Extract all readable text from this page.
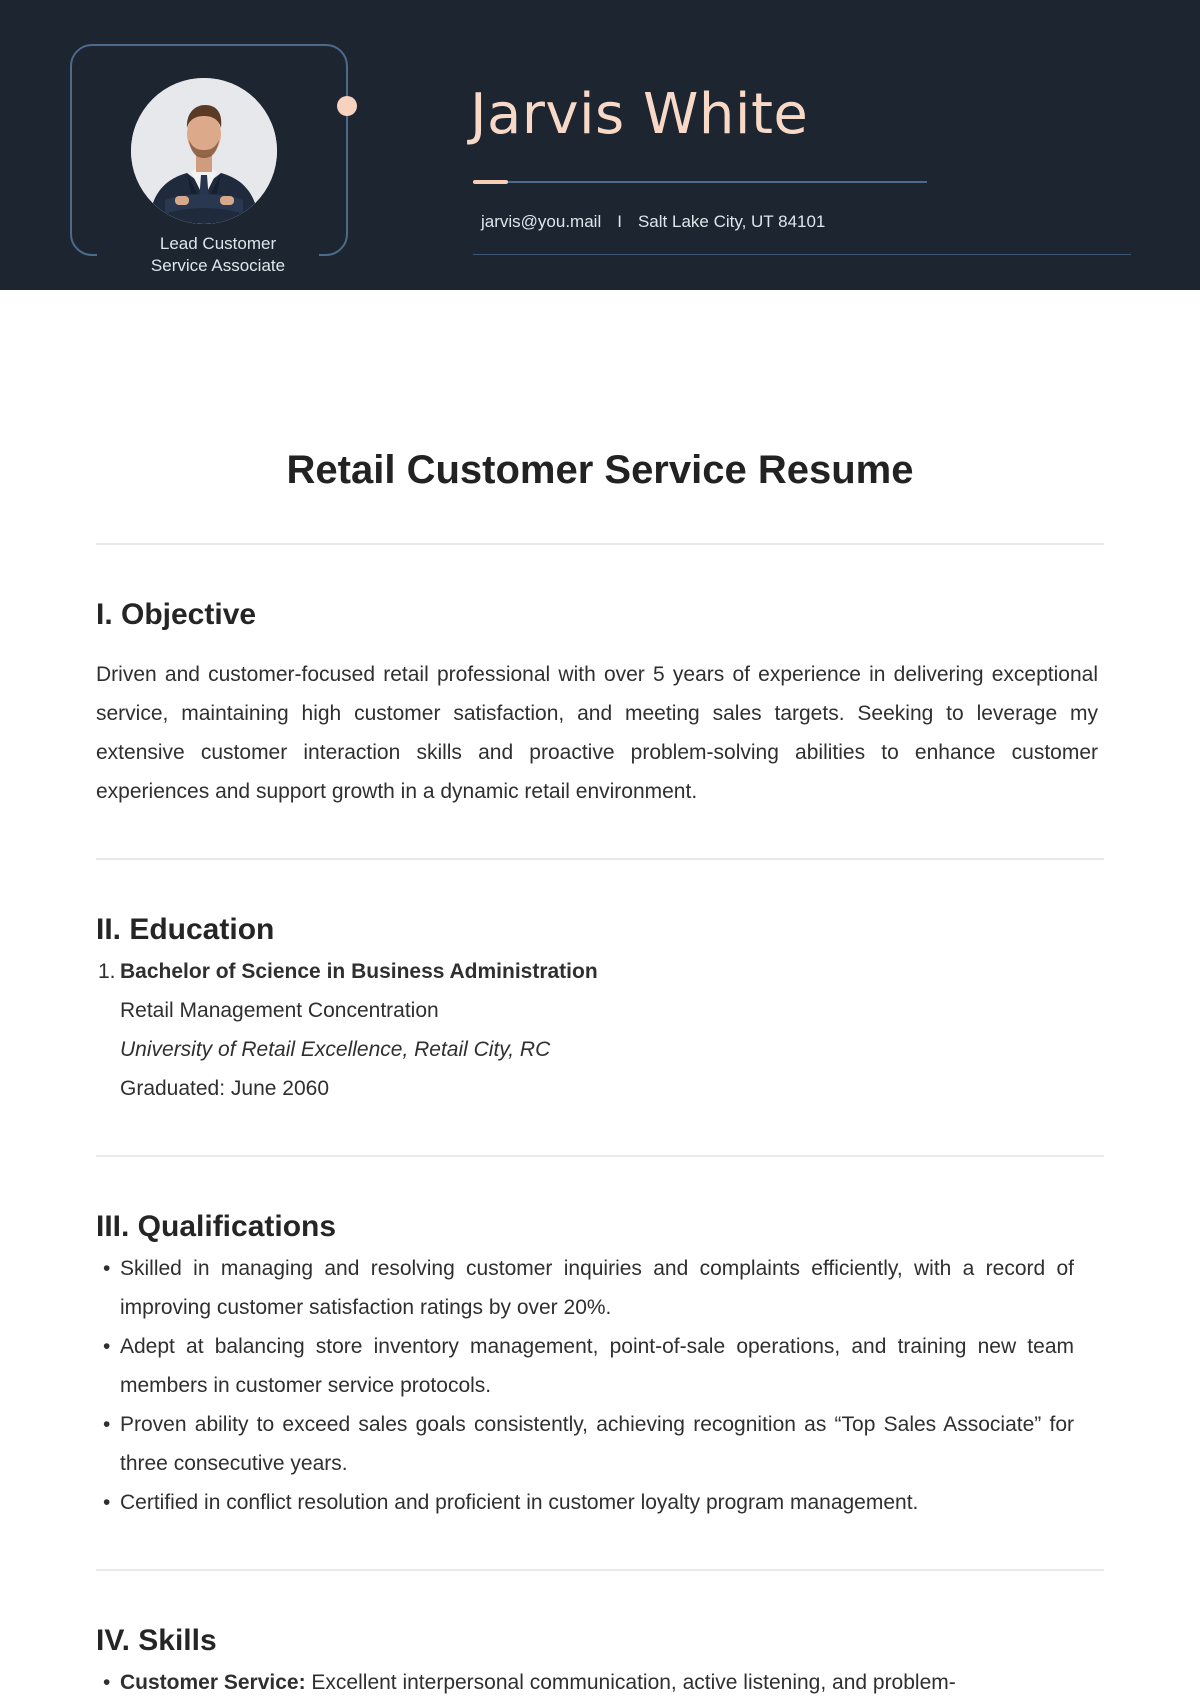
Lead Customer
Service Associate
Jarvis White
jarvis@you.mail I Salt Lake City, UT 84101
Retail Customer Service Resume
I. Objective

Driven and customer-focused retail professional with over 5 years of experience in delivering exceptional service, maintaining high customer satisfaction, and meeting sales targets. Seeking to leverage my extensive customer interaction skills and proactive problem-solving abilities to enhance customer experiences and support growth in a dynamic retail environment.

II. Education
1. Bachelor of Science in Business Administration
Retail Management Concentration
University of Retail Excellence, Retail City, RC
Graduated: June 2060
III. Qualifications
• Skilled in managing and resolving customer inquiries and complaints efficiently, with a record of improving customer satisfaction ratings by over 20%.
• Adept at balancing store inventory management, point-of-sale operations, and training new team members in customer service protocols.
• Proven ability to exceed sales goals consistently, achieving recognition as “Top Sales Associate” for three consecutive years.
• Certified in conflict resolution and proficient in customer loyalty program management.
IV. Skills
• Customer Service: Excellent interpersonal communication, active listening, and problem-
